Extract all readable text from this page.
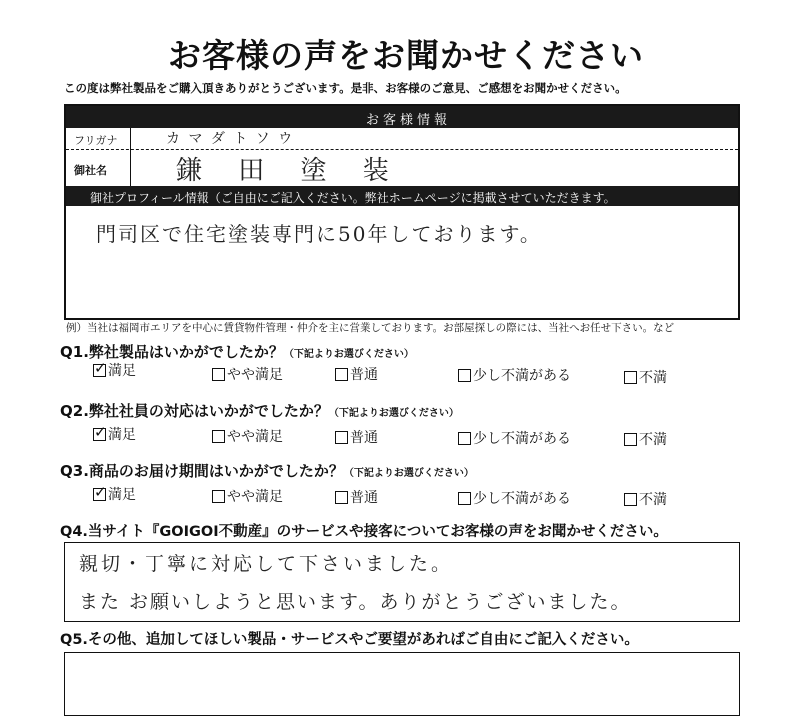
お客様の声をお聞かせください
この度は弊社製品をご購入頂きありがとうございます。是非、お客様のご意見、ご感想をお聞かせください。
お客様情報
フリガナ	カ マ ダ ト ソ ウ
御社名	鎌 田 塗 装
御社プロフィール情報（ご自由にご記入ください。弊社ホームページに掲載させていただきます。
門司区で住宅塗装専門に50年しております。
例）当社は福岡市エリアを中心に賃貸物件管理・仲介を主に営業しております。お部屋探しの際には、当社へお任せ下さい。など
Q1.弊社製品はいかがでしたか？（下記よりお選びください）
✓
満足	やや満足	普通	少し不満がある	不満
Q2.弊社社員の対応はいかがでしたか？（下記よりお選びください）
✓
満足	やや満足	普通	少し不満がある	不満
Q3.商品のお届け期間はいかがでしたか？（下記よりお選びください）
✓
満足	やや満足	普通	少し不満がある	不満
Q4.当サイト『GOIGOI不動産』のサービスや接客についてお客様の声をお聞かせください。
親切・丁寧に対応して下さいました。
また お願いしようと思います。ありがとうございました。
Q5.その他、追加してほしい製品・サービスやご要望があればご自由にご記入ください。
